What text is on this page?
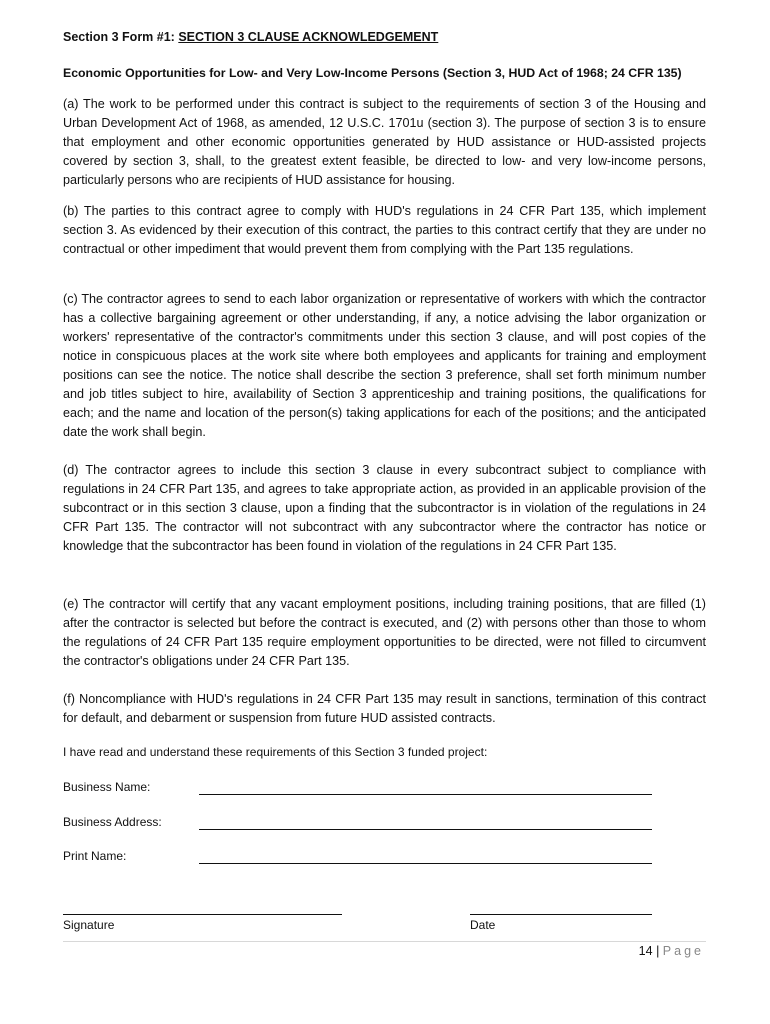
Section 3 Form #1: SECTION 3 CLAUSE ACKNOWLEDGEMENT
Economic Opportunities for Low- and Very Low-Income Persons (Section 3, HUD Act of 1968; 24 CFR 135)

(a) The work to be performed under this contract is subject to the requirements of section 3 of the Housing and Urban Development Act of 1968, as amended, 12 U.S.C. 1701u (section 3). The purpose of section 3 is to ensure that employment and other economic opportunities generated by HUD assistance or HUD-assisted projects covered by section 3, shall, to the greatest extent feasible, be directed to low- and very low-income persons, particularly persons who are recipients of HUD assistance for housing.

(b) The parties to this contract agree to comply with HUD's regulations in 24 CFR Part 135, which implement section 3. As evidenced by their execution of this contract, the parties to this contract certify that they are under no contractual or other impediment that would prevent them from complying with the Part 135 regulations.

(c) The contractor agrees to send to each labor organization or representative of workers with which the contractor has a collective bargaining agreement or other understanding, if any, a notice advising the labor organization or workers' representative of the contractor's commitments under this section 3 clause, and will post copies of the notice in conspicuous places at the work site where both employees and applicants for training and employment positions can see the notice. The notice shall describe the section 3 preference, shall set forth minimum number and job titles subject to hire, availability of Section 3 apprenticeship and training positions, the qualifications for each; and the name and location of the person(s) taking applications for each of the positions; and the anticipated date the work shall begin.

(d) The contractor agrees to include this section 3 clause in every subcontract subject to compliance with regulations in 24 CFR Part 135, and agrees to take appropriate action, as provided in an applicable provision of the subcontract or in this section 3 clause, upon a finding that the subcontractor is in violation of the regulations in 24 CFR Part 135. The contractor will not subcontract with any subcontractor where the contractor has notice or knowledge that the subcontractor has been found in violation of the regulations in 24 CFR Part 135.

(e) The contractor will certify that any vacant employment positions, including training positions, that are filled (1) after the contractor is selected but before the contract is executed, and (2) with persons other than those to whom the regulations of 24 CFR Part 135 require employment opportunities to be directed, were not filled to circumvent the contractor's obligations under 24 CFR Part 135.

(f) Noncompliance with HUD's regulations in 24 CFR Part 135 may result in sanctions, termination of this contract for default, and debarment or suspension from future HUD assisted contracts.

I have read and understand these requirements of this Section 3 funded project:
Business Name:
Business Address:
Print Name:
Signature	Date
14 | Page
